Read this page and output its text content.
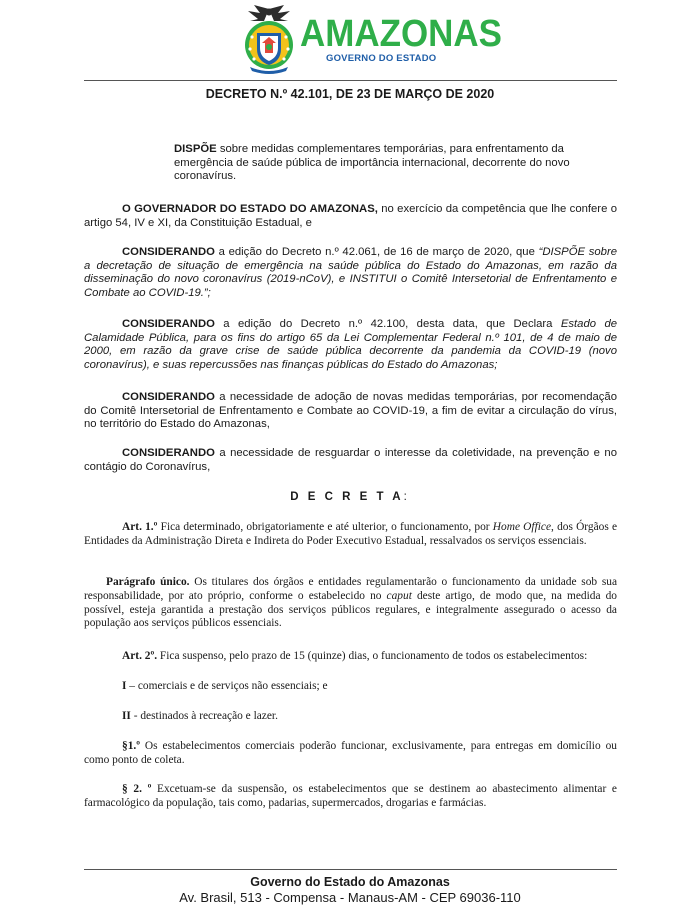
AMAZONAS
GOVERNO DO ESTADO
DECRETO N.º 42.101, DE 23 DE MARÇO DE 2020
DISPÕE sobre medidas complementares temporárias, para enfrentamento da emergência de saúde pública de importância internacional, decorrente do novo coronavírus.

O GOVERNADOR DO ESTADO DO AMAZONAS, no exercício da competência que lhe confere o artigo 54, IV e XI, da Constituição Estadual, e

CONSIDERANDO a edição do Decreto n.º 42.061, de 16 de março de 2020, que “DISPÕE sobre a decretação de situação de emergência na saúde pública do Estado do Amazonas, em razão da disseminação do novo coronavírus (2019-nCoV), e INSTITUI o Comitê Intersetorial de Enfrentamento e Combate ao COVID-19.”;

CONSIDERANDO a edição do Decreto n.º 42.100, desta data, que Declara Estado de Calamidade Pública, para os fins do artigo 65 da Lei Complementar Federal n.º 101, de 4 de maio de 2000, em razão da grave crise de saúde pública decorrente da pandemia da COVID-19 (novo coronavírus), e suas repercussões nas finanças públicas do Estado do Amazonas;

CONSIDERANDO a necessidade de adoção de novas medidas temporárias, por recomendação do Comitê Intersetorial de Enfrentamento e Combate ao COVID-19, a fim de evitar a circulação do vírus, no território do Estado do Amazonas,

CONSIDERANDO a necessidade de resguardar o interesse da coletividade, na prevenção e no contágio do Coronavírus,

D E C R E T A:

Art. 1.º Fica determinado, obrigatoriamente e até ulterior, o funcionamento, por Home Office, dos Órgãos e Entidades da Administração Direta e Indireta do Poder Executivo Estadual, ressalvados os serviços essenciais.

Parágrafo único. Os titulares dos órgãos e entidades regulamentarão o funcionamento da unidade sob sua responsabilidade, por ato próprio, conforme o estabelecido no caput deste artigo, de modo que, na medida do possível, esteja garantida a prestação dos serviços públicos regulares, e integralmente assegurado o acesso da população aos serviços públicos essenciais.

Art. 2º. Fica suspenso, pelo prazo de 15 (quinze) dias, o funcionamento de todos os estabelecimentos:

I – comerciais e de serviços não essenciais; e

II - destinados à recreação e lazer.

§1.º Os estabelecimentos comerciais poderão funcionar, exclusivamente, para entregas em domicílio ou como ponto de coleta.

§ 2. º Excetuam-se da suspensão, os estabelecimentos que se destinem ao abastecimento alimentar e farmacológico da população, tais como, padarias, supermercados, drogarias e farmácias.

Governo do Estado do Amazonas
Av. Brasil, 513 - Compensa - Manaus-AM - CEP 69036-110
